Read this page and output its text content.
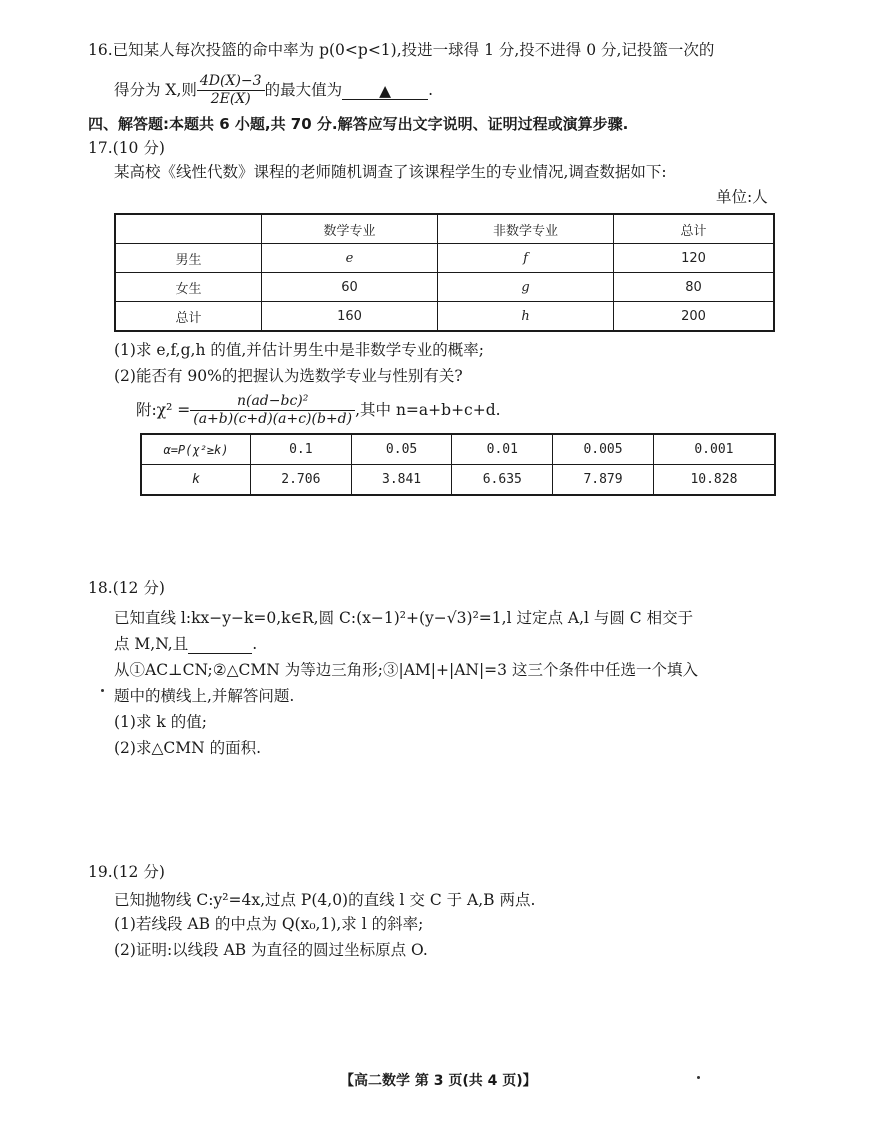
16.已知某人每次投篮的命中率为 p(0<p<1),投进一球得 1 分,投不进得 0 分,记投篮一次的
得分为 X,则 $\frac{4D(X)-3}{2E(X)}$ 的最大值为	▲	.
四、解答题:本题共 6 小题,共 70 分.解答应写出文字说明、证明过程或演算步骤.
17.(10 分)
某高校《线性代数》课程的老师随机调查了该课程学生的专业情况,调查数据如下:
单位:人
	数学专业	非数学专业	总计
男生	e	f	120
女生	60	g	80
总计	160	h	200
(1)求 e,f,g,h 的值,并估计男生中是非数学专业的概率;
(2)能否有 90%的把握认为选数学专业与性别有关?
附:χ² = $\frac{\text{n(ad−bc)²}}{(a+b)(c+d)(a+c)(b+d)}$ ,其中 n=a+b+c+d.
α=P(χ²≥k)	0.1	0.05	0.01	0.005	0.001
k	2.706	3.841	6.635	7.879	10.828
18.(12 分)
已知直线 l:kx−y−k=0,k∈R,圆 C:(x−1)²+(y−√3)²=1,l 过定点 A,l 与圆 C 相交于
点 M,N,且	.
从①AC⊥CN;②△CMN 为等边三角形;③|AM|+|AN|=3 这三个条件中任选一个填入
题中的横线上,并解答问题.
(1)求 k 的值;
(2)求△CMN 的面积.
19.(12 分)
已知抛物线 C:y²=4x,过点 P(4,0)的直线 l 交 C 于 A,B 两点.
(1)若线段 AB 的中点为 Q(x₀,1),求 l 的斜率;
(2)证明:以线段 AB 为直径的圆过坐标原点 O.
【高二数学 第 3 页(共 4 页)】
